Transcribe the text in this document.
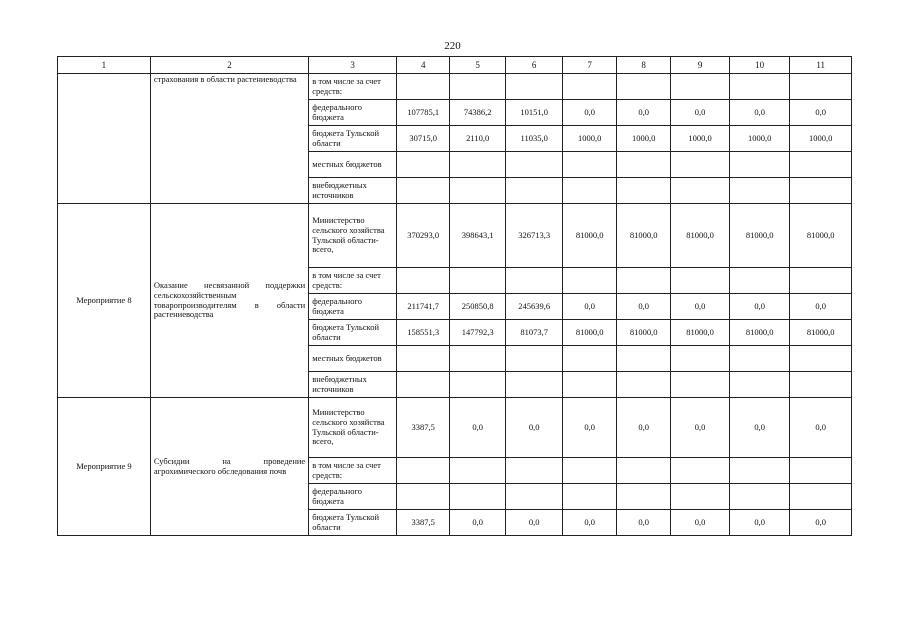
220
1	2	3	4	5	6	7	8	9	10	11
	страхования в области растениеводства	в том числе за счет средств:								
		федерального бюджета	107785,1	74386,2	10151,0	0,0	0,0	0,0	0,0	0,0
		бюджета Тульской области	30715,0	2110,0	11035,0	1000,0	1000,0	1000,0	1000,0	1000,0
		местных бюджетов								
		внебюджетных источников								
Мероприятие 8	Оказание несвязанной поддержки сельскохозяйственным товаропроизводителям в области растениеводства	Министерство сельского хозяйства Тульской области-всего,	370293,0	398643,1	326713,3	81000,0	81000,0	81000,0	81000,0	81000,0
		в том числе за счет средств:								
		федерального бюджета	211741,7	250850,8	245639,6	0,0	0,0	0,0	0,0	0,0
		бюджета Тульской области	158551,3	147792,3	81073,7	81000,0	81000,0	81000,0	81000,0	81000,0
		местных бюджетов								
		внебюджетных источников								
Мероприятие 9	Субсидии на проведение агрохимического обследования почв	Министерство сельского хозяйства Тульской области-всего,	3387,5	0,0	0,0	0,0	0,0	0,0	0,0	0,0
		в том числе за счет средств:								
		федерального бюджета								
		бюджета Тульской области	3387,5	0,0	0,0	0,0	0,0	0,0	0,0	0,0
